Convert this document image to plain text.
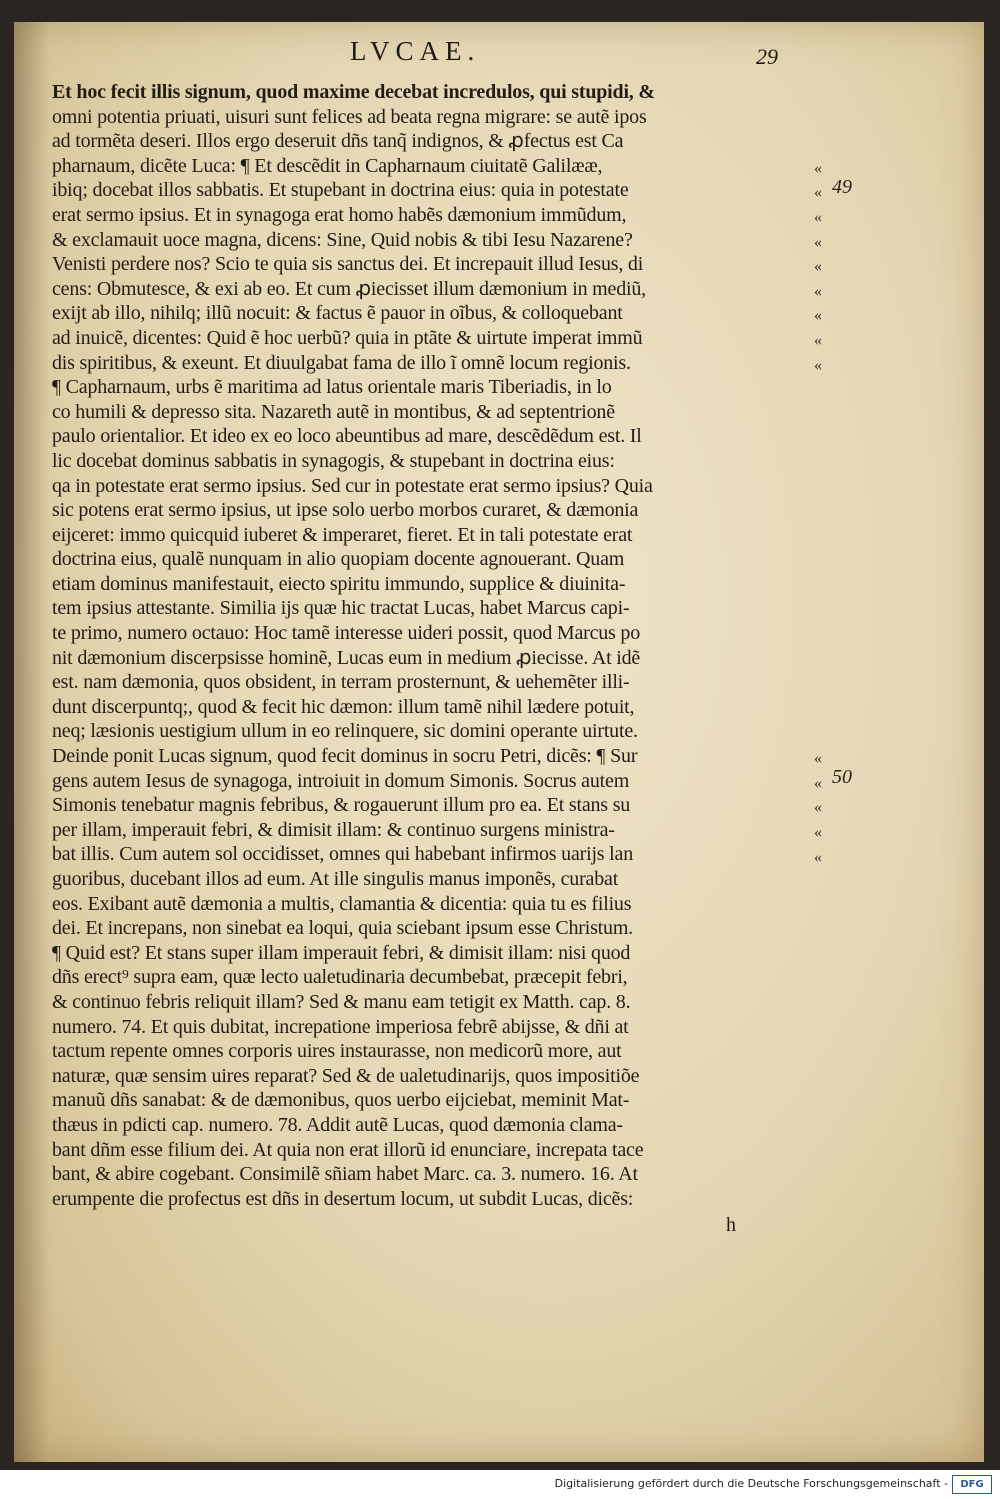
LVCAE.	29
Et hoc fecit illis signum, quod maxime decebat incredulos, qui stupidi, &
omni potentia priuati, uisuri sunt felices ad beata regna migrare: se autẽ ipos
ad tormẽta deseri. Illos ergo deseruit dñs tanq̃ indignos, & ꝓfectus est Ca
pharnaum, dicẽte Luca: ¶ Et descẽdit in Capharnaum ciuitatẽ Galilææ,
ibiq; docebat illos sabbatis. Et stupebant in doctrina eius: quia in potestate
erat sermo ipsius. Et in synagoga erat homo habẽs dæmonium immũdum,
& exclamauit uoce magna, dicens: Sine, Quid nobis & tibi Iesu Nazarene?
Venisti perdere nos? Scio te quia sis sanctus dei. Et increpauit illud Iesus, di
cens: Obmutesce, & exi ab eo. Et cum ꝓiecisset illum dæmonium in mediũ,
exijt ab illo, nihilq; illũ nocuit: & factus ẽ pauor in oĩbus, & colloquebant
ad inuicẽ, dicentes: Quid ẽ hoc uerbũ? quia in ptãte & uirtute imperat immũ
dis spiritibus, & exeunt. Et diuulgabat fama de illo ĩ omnẽ locum regionis.
¶ Capharnaum, urbs ẽ maritima ad latus orientale maris Tiberiadis, in lo
co humili & depresso sita. Nazareth autẽ in montibus, & ad septentrionẽ
paulo orientalior. Et ideo ex eo loco abeuntibus ad mare, descẽdẽdum est. Il
lic docebat dominus sabbatis in synagogis, & stupebant in doctrina eius:
qa in potestate erat sermo ipsius. Sed cur in potestate erat sermo ipsius? Quia
sic potens erat sermo ipsius, ut ipse solo uerbo morbos curaret, & dæmonia
eijceret: immo quicquid iuberet & imperaret, fieret. Et in tali potestate erat
doctrina eius, qualẽ nunquam in alio quopiam docente agnouerant. Quam
etiam dominus manifestauit, eiecto spiritu immundo, supplice & diuinita-
tem ipsius attestante. Similia ijs quæ hic tractat Lucas, habet Marcus capi-
te primo, numero octauo: Hoc tamẽ interesse uideri possit, quod Marcus po
nit dæmonium discerpsisse hominẽ, Lucas eum in medium ꝓiecisse. At idẽ
est. nam dæmonia, quos obsident, in terram prosternunt, & uehemẽter illi-
dunt discerpuntq;, quod & fecit hic dæmon: illum tamẽ nihil lædere potuit,
neq; læsionis uestigium ullum in eo relinquere, sic domini operante uirtute.
Deinde ponit Lucas signum, quod fecit dominus in socru Petri, dicẽs: ¶ Sur
gens autem Iesus de synagoga, introiuit in domum Simonis. Socrus autem
Simonis tenebatur magnis febribus, & rogauerunt illum pro ea. Et stans su
per illam, imperauit febri, & dimisit illam: & continuo surgens ministra-
bat illis. Cum autem sol occidisset, omnes qui habebant infirmos uarijs lan
guoribus, ducebant illos ad eum. At ille singulis manus imponẽs, curabat
eos. Exibant autẽ dæmonia a multis, clamantia & dicentia: quia tu es filius
dei. Et increpans, non sinebat ea loqui, quia sciebant ipsum esse Christum.
¶ Quid est? Et stans super illam imperauit febri, & dimisit illam: nisi quod
dñs erect⁹ supra eam, quæ lecto ualetudinaria decumbebat, præcepit febri,
& continuo febris reliquit illam? Sed & manu eam tetigit ex Matth. cap. 8.
numero. 74. Et quis dubitat, increpatione imperiosa febrẽ abijsse, & dñi at
tactum repente omnes corporis uires instaurasse, non medicorũ more, aut
naturæ, quæ sensim uires reparat? Sed & de ualetudinarijs, quos impositiõe
manuũ dñs sanabat: & de dæmonibus, quos uerbo eijciebat, meminit Mat-
thæus in pdicti cap. numero. 78. Addit autẽ Lucas, quod dæmonia clama-
bant dñm esse filium dei. At quia non erat illorũ id enunciare, increpata tace
bant, & abire cogebant. Consimilẽ sñiam habet Marc. ca. 3. numero. 16. At
erumpente die profectus est dñs in desertum locum, ut subdit Lucas, dicẽs:
«
«
«
«
«
«
«
«
«
«
«
«
«
«
49
50
h
Digitalisierung gefördert durch die Deutsche Forschungsgemeinschaft -	DFG
